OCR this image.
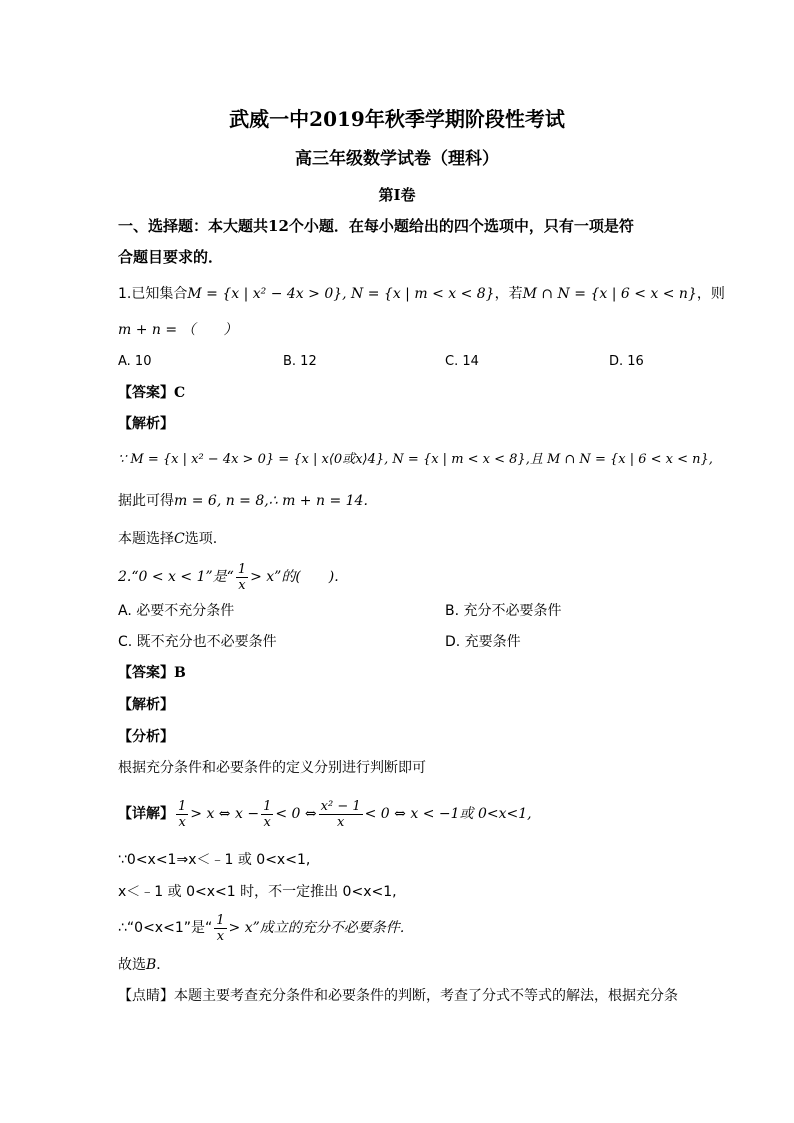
武威一中2019年秋季学期阶段性考试
高三年级数学试卷（理科）
第Ⅰ卷
一、选择题：本大题共12个小题．在每小题给出的四个选项中，只有一项是符
合题目要求的．
1.已知集合M = {x | x² − 4x > 0}, N = {x | m < x < 8}，若M ∩ N = {x | 6 < x < n}，则
m + n = （　　）
A. 10	B. 12	C. 14	D. 16
【答案】C
【解析】
∵ M = {x | x² − 4x > 0} = {x | x⟨0或x⟩4}, N = {x | m < x < 8},且 M ∩ N = {x | 6 < x < n},
据此可得m = 6, n = 8,∴ m + n = 14.
本题选择C选项.
2.“0 < x < 1”是“ $\frac{1}{x} > x$”的(　　).
A. 必要不充分条件	B. 充分不必要条件
C. 既不充分也不必要条件	D. 充要条件
【答案】B
【解析】
【分析】
根据充分条件和必要条件的定义分别进行判断即可
【详解】 $\frac{1}{x} > x$ ⇔ $x - \frac{1}{x} < 0$ ⇔ $\frac{\text{x² − 1}}{x} < 0$ ⇔ x < −1或 0<x<1,
∵0<x<1⇒x＜﹣1 或 0<x<1,
x＜﹣1 或 0<x<1 时，不一定推出 0<x<1,
∴“0<x<1”是“ $\frac{1}{x} > x$”成立的充分不必要条件．
故选B．
【点睛】本题主要考查充分条件和必要条件的判断，考查了分式不等式的解法，根据充分条
